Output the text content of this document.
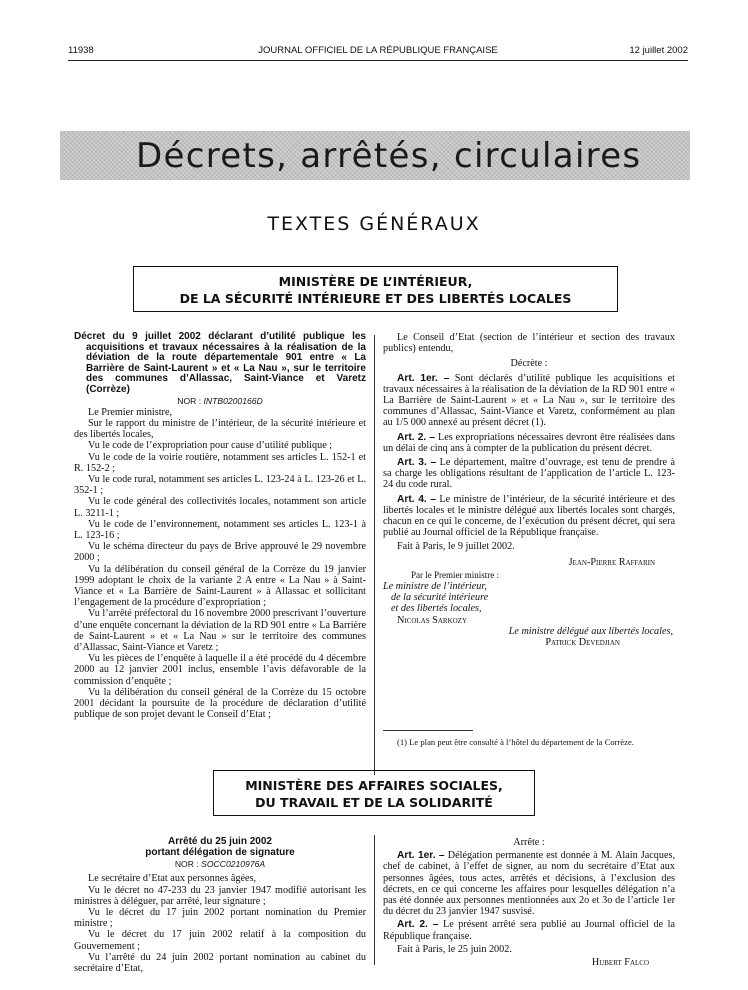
11938	JOURNAL OFFICIEL DE LA RÉPUBLIQUE FRANÇAISE	12 juillet 2002
Décrets, arrêtés, circulaires
TEXTES GÉNÉRAUX
MINISTÈRE DE L’INTÉRIEUR,
DE LA SÉCURITÉ INTÉRIEURE ET DES LIBERTÉS LOCALES

Décret du 9 juillet 2002 déclarant d’utilité publique les acquisitions et travaux nécessaires à la réalisation de la déviation de la route départementale 901 entre « La Barrière de Saint-Laurent » et « La Nau », sur le territoire des communes d’Allassac, Saint-Viance et Varetz (Corrèze)

NOR : INTB0200166D

Le Premier ministre,

Sur le rapport du ministre de l’intérieur, de la sécurité intérieure et des libertés locales,

Vu le code de l’expropriation pour cause d’utilité publique ;

Vu le code de la voirie routière, notamment ses articles L. 152-1 et R. 152-2 ;

Vu le code rural, notamment ses articles L. 123-24 à L. 123-26 et L. 352-1 ;

Vu le code général des collectivités locales, notamment son article L. 3211-1 ;

Vu le code de l’environnement, notamment ses articles L. 123-1 à L. 123-16 ;

Vu le schéma directeur du pays de Brive approuvé le 29 novembre 2000 ;

Vu la délibération du conseil général de la Corrèze du 19 janvier 1999 adoptant le choix de la variante 2 A entre « La Nau » à Saint-Viance et « La Barrière de Saint-Laurent » à Allassac et sollicitant l’engagement de la procédure d’expropriation ;

Vu l’arrêté préfectoral du 16 novembre 2000 prescrivant l’ouverture d’une enquête concernant la déviation de la RD 901 entre « La Barrière de Saint-Laurent » et « La Nau » sur le territoire des communes d’Allassac, Saint-Viance et Varetz ;

Vu les pièces de l’enquête à laquelle il a été procédé du 4 décembre 2000 au 12 janvier 2001 inclus, ensemble l’avis défavorable de la commission d’enquête ;

Vu la délibération du conseil général de la Corrèze du 15 octobre 2001 décidant la poursuite de la procédure de déclaration d’utilité publique de son projet devant le Conseil d’Etat ;

Le Conseil d’Etat (section de l’intérieur et section des travaux publics) entendu,

Décrète :

Art. 1er. – Sont déclarés d’utilité publique les acquisitions et travaux nécessaires à la réalisation de la déviation de la RD 901 entre « La Barrière de Saint-Laurent » et « La Nau », sur le territoire des communes d’Allassac, Saint-Viance et Varetz, conformément au plan au 1/5 000 annexé au présent décret (1).

Art. 2. – Les expropriations nécessaires devront être réalisées dans un délai de cinq ans à compter de la publication du présent décret.

Art. 3. – Le département, maître d’ouvrage, est tenu de prendre à sa charge les obligations résultant de l’application de l’article L. 123-24 du code rural.

Art. 4. – Le ministre de l’intérieur, de la sécurité intérieure et des libertés locales et le ministre délégué aux libertés locales sont chargés, chacun en ce qui le concerne, de l’exécution du présent décret, qui sera publié au Journal officiel de la République française.

Fait à Paris, le 9 juillet 2002.

Jean-Pierre Raffarin

Par le Premier ministre :

Le ministre de l’intérieur,

de la sécurité intérieure

et des libertés locales,

Nicolas Sarkozy

Le ministre délégué aux libertés locales,

Patrick Devedjian

(1) Le plan peut être consulté à l’hôtel du département de la Corrèze.

MINISTÈRE DES AFFAIRES SOCIALES,
DU TRAVAIL ET DE LA SOLIDARITÉ

Arrêté du 25 juin 2002

portant délégation de signature

NOR : SOCC0210976A

Le secrétaire d’Etat aux personnes âgées,

Vu le décret no 47-233 du 23 janvier 1947 modifié autorisant les ministres à déléguer, par arrêté, leur signature ;

Vu le décret du 17 juin 2002 portant nomination du Premier ministre ;

Vu le décret du 17 juin 2002 relatif à la composition du Gouvernement ;

Vu l’arrêté du 24 juin 2002 portant nomination au cabinet du secrétaire d’Etat,

Arrête :

Art. 1er. – Délégation permanente est donnée à M. Alain Jacques, chef de cabinet, à l’effet de signer, au nom du secrétaire d’Etat aux personnes âgées, tous actes, arrêtés et décisions, à l’exclusion des décrets, en ce qui concerne les affaires pour lesquelles délégation n’a pas été donnée aux personnes mentionnées aux 2o et 3o de l’article 1er du décret du 23 janvier 1947 susvisé.

Art. 2. – Le présent arrêté sera publié au Journal officiel de la République française.

Fait à Paris, le 25 juin 2002.

Hubert Falco
